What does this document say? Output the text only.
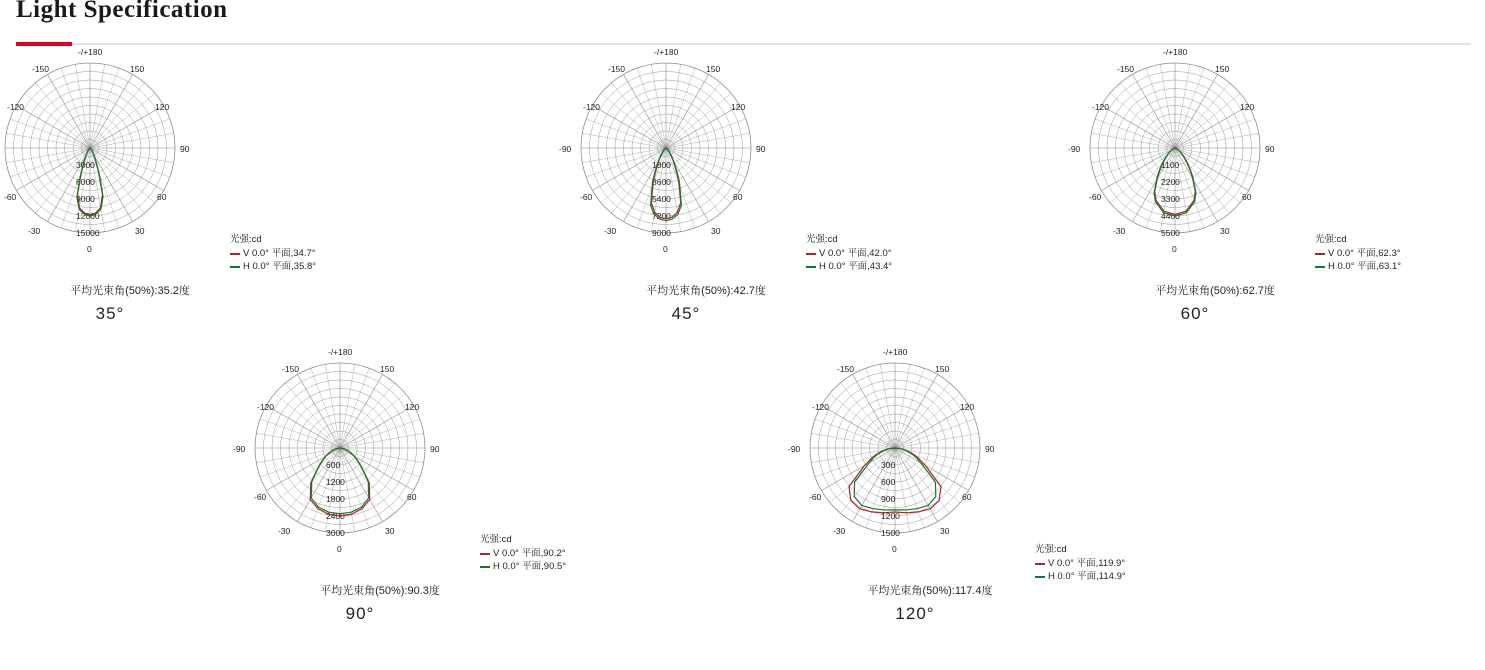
Light Specification
-/+180
-150	150
-120	120
90
-60	60
-30	30
0
3000
6000
9000
12000
15000
光强:cd
V 0.0° 平面,34.7°
H 0.0° 平面,35.8°
平均光束角(50%):35.2度
35°
-/+180
-150	150
-120	120
-90	90
-60	60
-30	30
0
1800
3600
5400
7200
9000
光强:cd
V 0.0° 平面,42.0°
H 0.0° 平面,43.4°
平均光束角(50%):42.7度
45°
-/+180
-150	150
-120	120
-90	90
-60	60
-30	30
0
1100
2200
3300
4400
5500
光强:cd
V 0.0° 平面,62.3°
H 0.0° 平面,63.1°
平均光束角(50%):62.7度
60°
-/+180
-150	150
-120	120
-90	90
-60	60
-30	30
0
600
1200
1800
2400
3000
光强:cd
V 0.0° 平面,90.2°
H 0.0° 平面,90.5°
平均光束角(50%):90.3度
90°
-/+180
-150	150
-120	120
-90	90
-60	60
-30	30
0
300
600
900
1200
1500
光强:cd
V 0.0° 平面,119.9°
H 0.0° 平面,114.9°
平均光束角(50%):117.4度
120°
